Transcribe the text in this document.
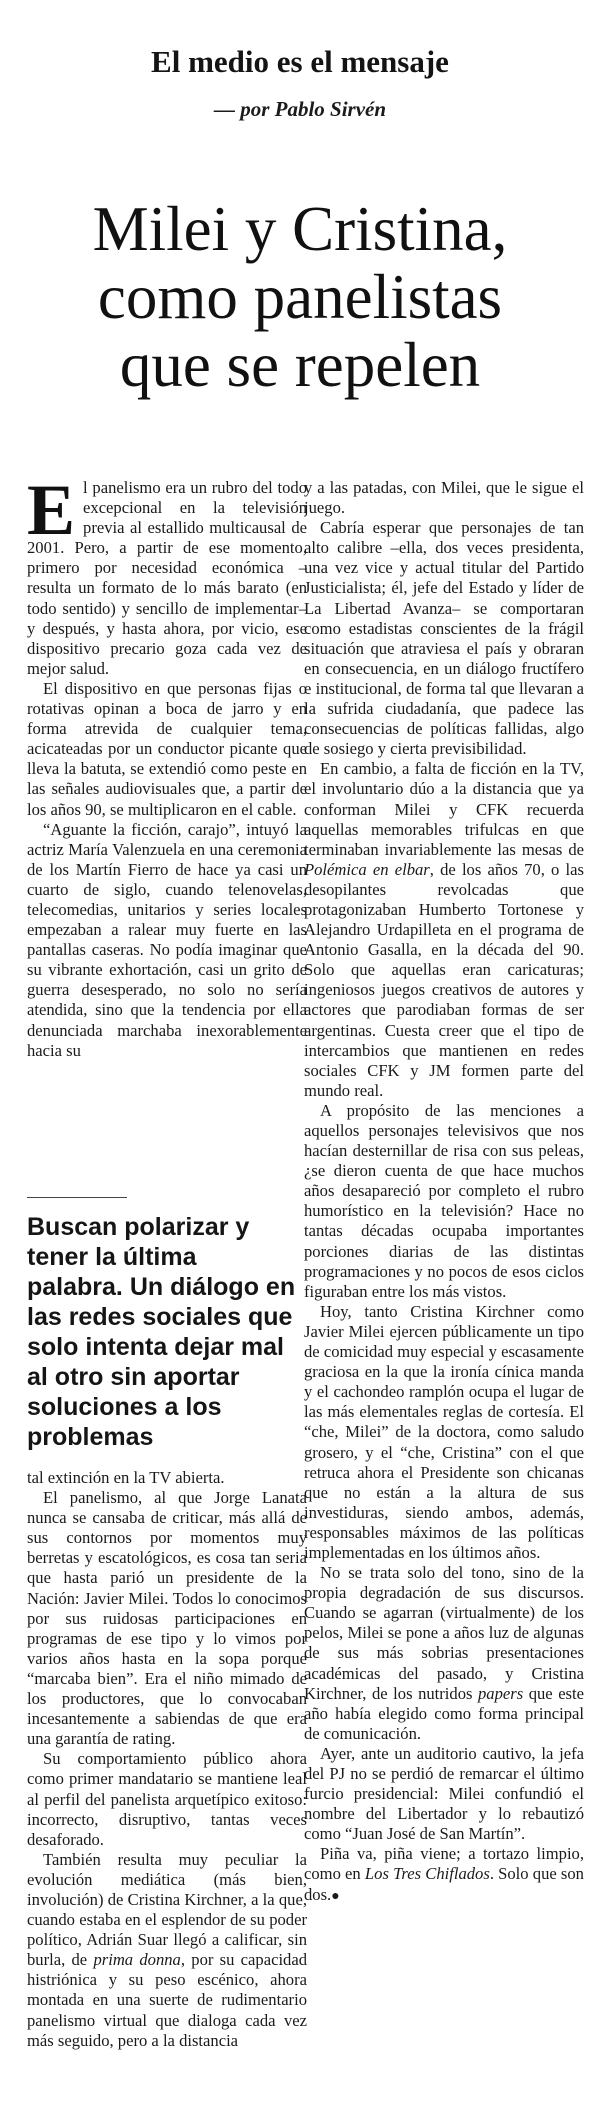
El medio es el mensaje
— por Pablo Sirvén
Milei y Cristina,
como panelistas
que se repelen
E l panelismo era un rubro del todo excepcional en la televisión previa al estallido multicausal de 2001. Pero, a partir de ese momento, primero por necesidad económica –resulta un formato de lo más barato (en todo sentido) y sencillo de implementar– y después, y hasta ahora, por vicio, ese dispositivo precario goza cada vez de mejor salud.

El dispositivo en que personas fijas o rotativas opinan a boca de jarro y en forma atrevida de cualquier tema, acicateadas por un conductor picante que lleva la batuta, se extendió como peste en las señales audiovisuales que, a partir de los años 90, se multiplicaron en el cable.

“Aguante la ficción, carajo”, intuyó la actriz María Valenzuela en una ceremonia de los Martín Fierro de hace ya casi un cuarto de siglo, cuando telenovelas, telecomedias, unitarios y series locales empezaban a ralear muy fuerte en las pantallas caseras. No podía imaginar que su vibrante exhortación, casi un grito de guerra desesperado, no solo no sería atendida, sino que la tendencia por ella denunciada marchaba inexorablemente hacia su

Buscan polarizar y
tener la última
palabra. Un diálogo en
las redes sociales que
solo intenta dejar mal
al otro sin aportar
soluciones a los
problemas

tal extinción en la TV abierta.

El panelismo, al que Jorge Lanata nunca se cansaba de criticar, más allá de sus contornos por momentos muy berretas y escatológicos, es cosa tan seria que hasta parió un presidente de la Nación: Javier Milei. Todos lo conocimos por sus ruidosas participaciones en programas de ese tipo y lo vimos por varios años hasta en la sopa porque “marcaba bien”. Era el niño mimado de los productores, que lo convocaban incesantemente a sabiendas de que era una garantía de rating.

Su comportamiento público ahora como primer mandatario se mantiene leal al perfil del panelista arquetípico exitoso: incorrecto, disruptivo, tantas veces desaforado.

También resulta muy peculiar la evolución mediática (más bien, involución) de Cristina Kirchner, a la que, cuando estaba en el esplendor de su poder político, Adrián Suar llegó a calificar, sin burla, de prima donna, por su capacidad histriónica y su peso escénico, ahora montada en una suerte de rudimentario panelismo virtual que dialoga cada vez más seguido, pero a la distancia

y a las patadas, con Milei, que le sigue el juego.

Cabría esperar que personajes de tan alto calibre –ella, dos veces presidenta, una vez vice y actual titular del Partido Justicialista; él, jefe del Estado y líder de La Libertad Avanza– se comportaran como estadistas conscientes de la frágil situación que atraviesa el país y obraran en consecuencia, en un diálogo fructífero e institucional, de forma tal que llevaran a la sufrida ciudadanía, que padece las consecuencias de políticas fallidas, algo de sosiego y cierta previsibilidad.

En cambio, a falta de ficción en la TV, el involuntario dúo a la distancia que ya conforman Milei y CFK recuerda aquellas memorables trifulcas en que terminaban invariablemente las mesas de Polémica en elbar, de los años 70, o las desopilantes revolcadas que protagonizaban Humberto Tortonese y Alejandro Urdapilleta en el programa de Antonio Gasalla, en la década del 90. Solo que aquellas eran caricaturas; ingeniosos juegos creativos de autores y actores que parodiaban formas de ser argentinas. Cuesta creer que el tipo de intercambios que mantienen en redes sociales CFK y JM formen parte del mundo real.

A propósito de las menciones a aquellos personajes televisivos que nos hacían desternillar de risa con sus peleas, ¿se dieron cuenta de que hace muchos años desapareció por completo el rubro humorístico en la televisión? Hace no tantas décadas ocupaba importantes porciones diarias de las distintas programaciones y no pocos de esos ciclos figuraban entre los más vistos.

Hoy, tanto Cristina Kirchner como Javier Milei ejercen públicamente un tipo de comicidad muy especial y escasamente graciosa en la que la ironía cínica manda y el cachondeo ramplón ocupa el lugar de las más elementales reglas de cortesía. El “che, Milei” de la doctora, como saludo grosero, y el “che, Cristina” con el que retruca ahora el Presidente son chicanas que no están a la altura de sus investiduras, siendo ambos, además, responsables máximos de las políticas implementadas en los últimos años.

No se trata solo del tono, sino de la propia degradación de sus discursos. Cuando se agarran (virtualmente) de los pelos, Milei se pone a años luz de algunas de sus más sobrias presentaciones académicas del pasado, y Cristina Kirchner, de los nutridos papers que este año había elegido como forma principal de comunicación.

Ayer, ante un auditorio cautivo, la jefa del PJ no se perdió de remarcar el último furcio presidencial: Milei confundió el nombre del Libertador y lo rebautizó como “Juan José de San Martín”.

Piña va, piña viene; a tortazo limpio, como en Los Tres Chiflados. Solo que son dos.●
